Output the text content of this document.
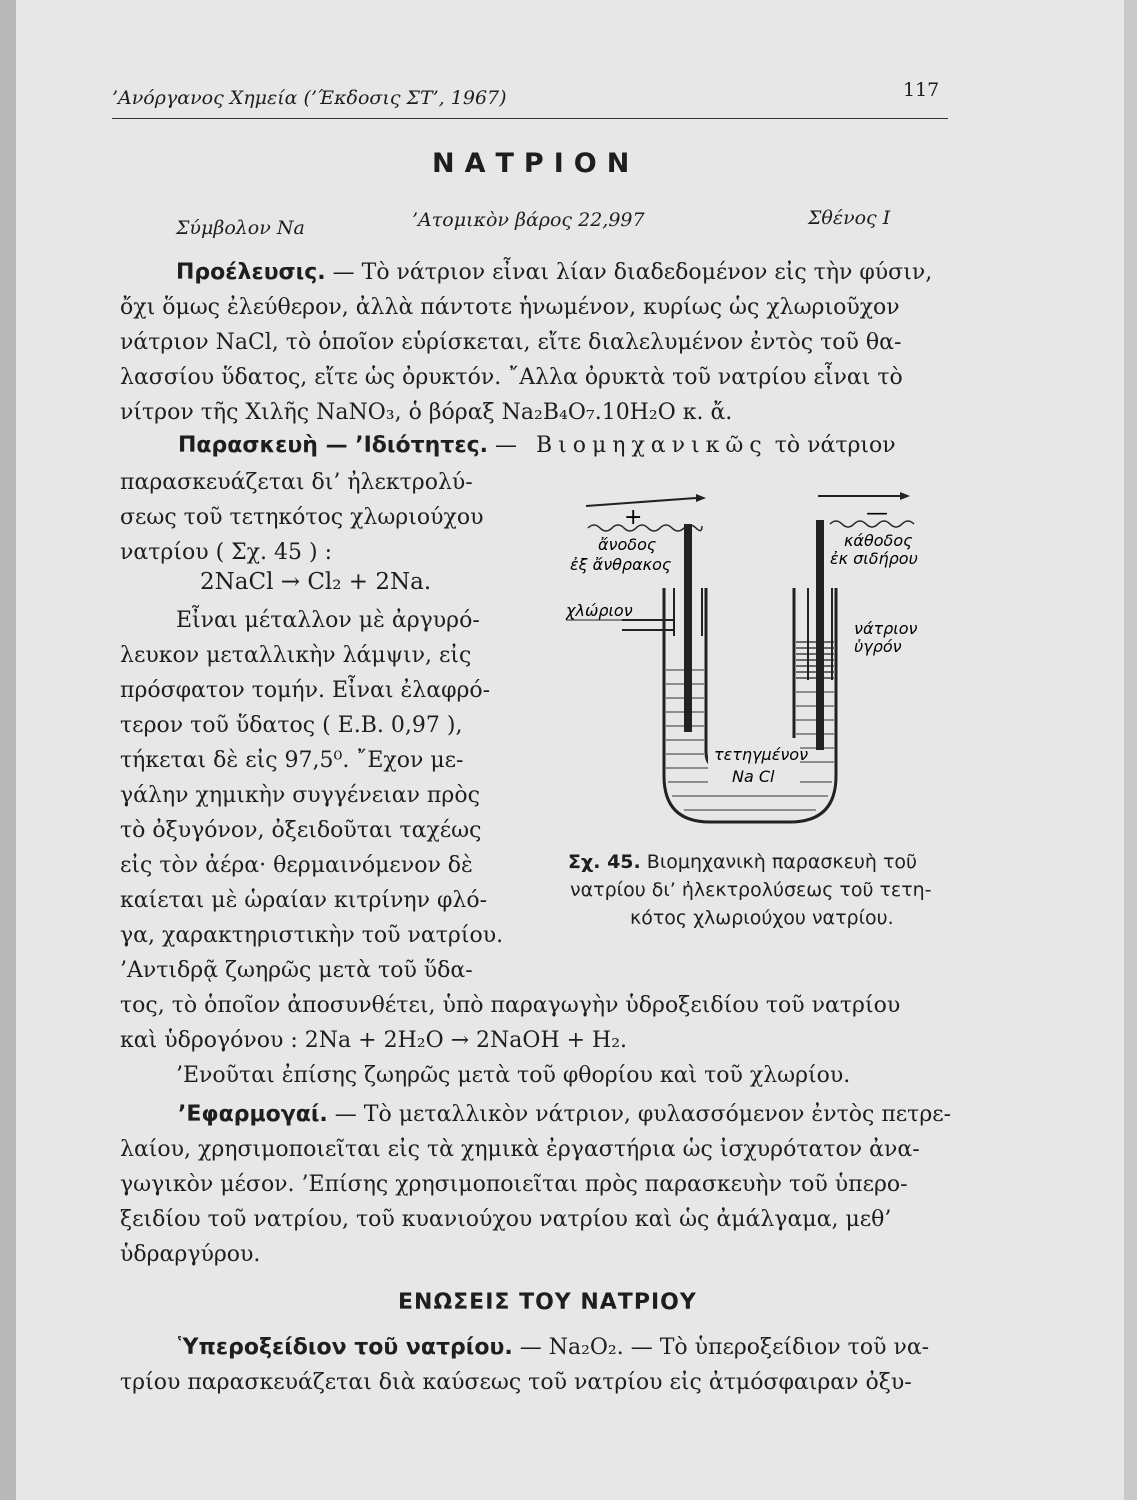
’Ανόργανος Χημεία (’Έκδοσις ΣΤ’, 1967)	117
ΝΑΤΡΙΟΝ
Σύμβολον Na	’Ατομικὸν βάρος 22,997	Σθένος I
Προέλευσις. — Τὸ νάτριον εἶναι λίαν διαδεδομένον εἰς τὴν φύσιν,
ὄχι ὅμως ἐλεύθερον, ἀλλὰ πάντοτε ἡνωμένον, κυρίως ὡς χλωριοῦχον
νάτριον NaCl, τὸ ὁποῖον εὑρίσκεται, εἴτε διαλελυμένον ἐντὸς τοῦ θα-
λασσίου ὕδατος, εἴτε ὡς ὀρυκτόν. ῎Αλλα ὀρυκτὰ τοῦ νατρίου εἶναι τὸ
νίτρον τῆς Χιλῆς NaNO₃, ὁ βόραξ Na₂B₄O₇.10H₂O κ. ἄ.
Παρασκευὴ — ’Ιδιότητες. — Βιομηχανικῶς τὸ νάτριον
παρασκευάζεται δι’ ἠλεκτρολύ-
σεως τοῦ τετηκότος χλωριούχου
νατρίου ( Σχ. 45 ) :
2NaCl → Cl₂ + 2Na.
Εἶναι μέταλλον μὲ ἀργυρό-
λευκον μεταλλικὴν λάμψιν, εἰς
πρόσφατον τομήν. Εἶναι ἐλαφρό-
τερον τοῦ ὕδατος ( E.B. 0,97 ),
τήκεται δὲ εἰς 97,5⁰. ῎Εχον με-
γάλην χημικὴν συγγένειαν πρὸς
τὸ ὀξυγόνον, ὀξειδοῦται ταχέως
εἰς τὸν ἀέρα· θερμαινόμενον δὲ
καίεται μὲ ὡραίαν κιτρίνην φλό-
γα, χαρακτηριστικὴν τοῦ νατρίου.
’Αντιδρᾷ ζωηρῶς μετὰ τοῦ ὕδα-
τος, τὸ ὁποῖον ἀποσυνθέτει, ὑπὸ παραγωγὴν ὑδροξειδίου τοῦ νατρίου
καὶ ὑδρογόνου : 2Na + 2H₂O → 2NaOH + H₂.
’Ενοῦται ἐπίσης ζωηρῶς μετὰ τοῦ φθορίου καὶ τοῦ χλωρίου.
+	—
ἄνοδος
ἐξ ἄνθρακος
κάθοδος
ἐκ σιδήρου
χλώριον
νάτριον
ὑγρόν
τετηγμένον
Na Cl
Σχ. 45. Βιομηχανικὴ παρασκευὴ τοῦ
νατρίου δι’ ἠλεκτρολύσεως τοῦ τετη-
κότος χλωριούχου νατρίου.
’Εφαρμογαί. — Τὸ μεταλλικὸν νάτριον, φυλασσόμενον ἐντὸς πετρε-
λαίου, χρησιμοποιεῖται εἰς τὰ χημικὰ ἐργαστήρια ὡς ἰσχυρότατον ἀνα-
γωγικὸν μέσον. ’Επίσης χρησιμοποιεῖται πρὸς παρασκευὴν τοῦ ὑπερο-
ξειδίου τοῦ νατρίου, τοῦ κυανιούχου νατρίου καὶ ὡς ἀμάλγαμα, μεθ’
ὑδραργύρου.
ΕΝΩΣΕΙΣ ΤΟΥ ΝΑΤΡΙΟΥ
Ὑπεροξείδιον τοῦ νατρίου. — Na₂O₂. — Τὸ ὑπεροξείδιον τοῦ να-
τρίου παρασκευάζεται διὰ καύσεως τοῦ νατρίου εἰς ἀτμόσφαιραν ὀξυ-
